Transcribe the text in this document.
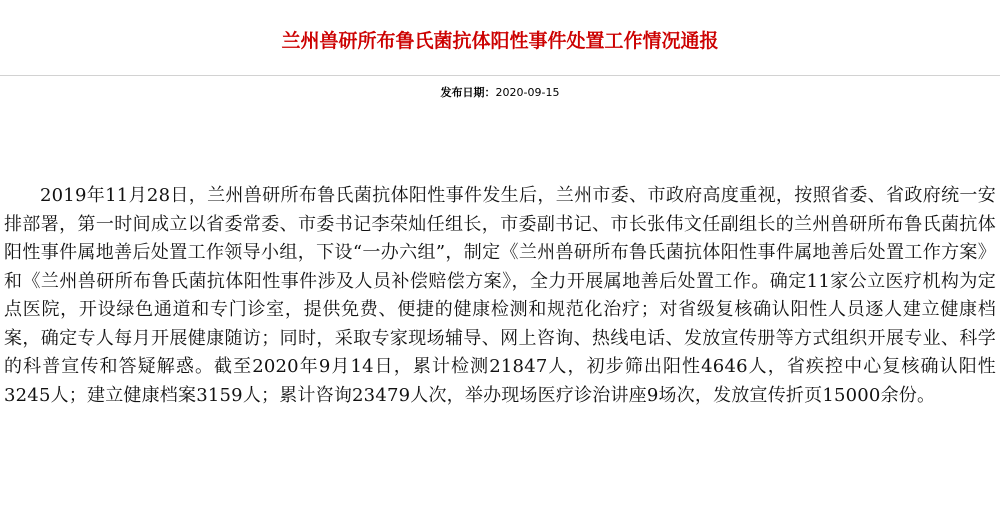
兰州兽研所布鲁氏菌抗体阳性事件处置工作情况通报
发布日期：2020-09-15

2019年11月28日，兰州兽研所布鲁氏菌抗体阳性事件发生后，兰州市委、市政府高度重视，按照省委、省政府统一安排部署，第一时间成立以省委常委、市委书记李荣灿任组长，市委副书记、市长张伟文任副组长的兰州兽研所布鲁氏菌抗体阳性事件属地善后处置工作领导小组，下设“一办六组”，制定《兰州兽研所布鲁氏菌抗体阳性事件属地善后处置工作方案》和《兰州兽研所布鲁氏菌抗体阳性事件涉及人员补偿赔偿方案》，全力开展属地善后处置工作。确定11家公立医疗机构为定点医院，开设绿色通道和专门诊室，提供免费、便捷的健康检测和规范化治疗；对省级复核确认阳性人员逐人建立健康档案，确定专人每月开展健康随访；同时，采取专家现场辅导、网上咨询、热线电话、发放宣传册等方式组织开展专业、科学的科普宣传和答疑解惑。截至2020年9月14日，累计检测21847人，初步筛出阳性4646人，省疾控中心复核确认阳性3245人；建立健康档案3159人；累计咨询23479人次，举办现场医疗诊治讲座9场次，发放宣传折页15000余份。
